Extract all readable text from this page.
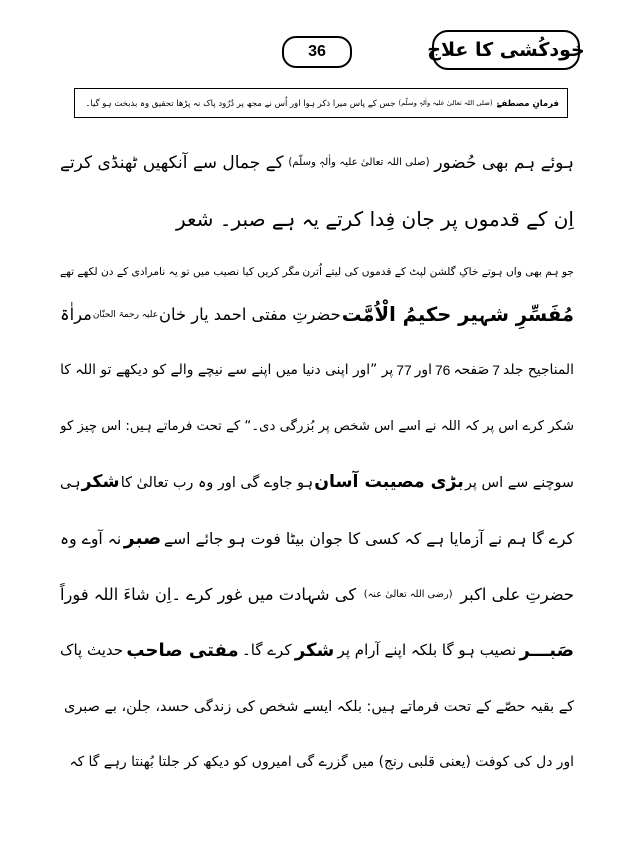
خودکُشی کا علاج
36
فرمانِ مصطفےٰ
(صلی اللہ تعالیٰ علیہ واٰلہٖ وسلّم)
جس کے پاس میرا ذکر ہوا اور اُس نے مجھ پر دُرُود پاک نہ پڑھا تحقیق وہ بدبخت ہو گیا۔
ہوئے ہم بھی حُضور
(صلی اللہ تعالیٰ علیہ واٰلہٖ وسلّم)
کے جمال سے آنکھیں ٹھنڈی کرتے
اِن کے قدموں پر جان فِدا کرتے یہ ہے صبر۔ شعر
جو ہم بھی واں ہوتے خاکِ گلشن لپٹ کے قدموں کی لیتے اُترن
مگر کریں کیا نصیب میں تو یہ نامرادی کے دن لکھے تھے
مُفَسِّرِ شہیر حکیمُ الْاُمَّت
حضرتِ مفتی احمد یار خان
علیہ رحمۃ الحنّان
مراٰۃ
المناجیح جلد
7
صَفحہ
76
اور
77
پر ”اور اپنی دنیا میں اپنے سے نیچے والے کو دیکھے تو اللہ کا
شکر کرے اس پر کہ اللہ نے اسے اس شخص پر بُزرگی دی۔“ کے تحت فرماتے ہیں: اس چیز کو
سوچنے سے اس پر
بڑی مصیبت آسان
ہو جاوے گی اور وہ رب تعالیٰ کا
شکر
ہی
کرے گا ہم نے آزمایا ہے کہ کسی کا جوان بیٹا فوت ہو جائے اسے
صبر
نہ آوے وہ
حضرتِ علی اکبر
(رضی اللہ تعالیٰ عنہ)
کی شہادت میں غور کرے ۔اِن شاءَ اللہ فوراً
صَبـــر
نصیب ہو گا بلکہ اپنے آرام پر
شکر
کرے گا۔
مفتی صاحب
حدیث پاک
کے بقیہ حصّے کے تحت فرماتے ہیں: بلکہ ایسے شخص کی زندگی حسد، جلن، بے صبری
اور دل کی کوفت (یعنی قلبی رنج) میں گزرے گی امیروں کو دیکھ کر جلتا بُھنتا رہے گا کہ
